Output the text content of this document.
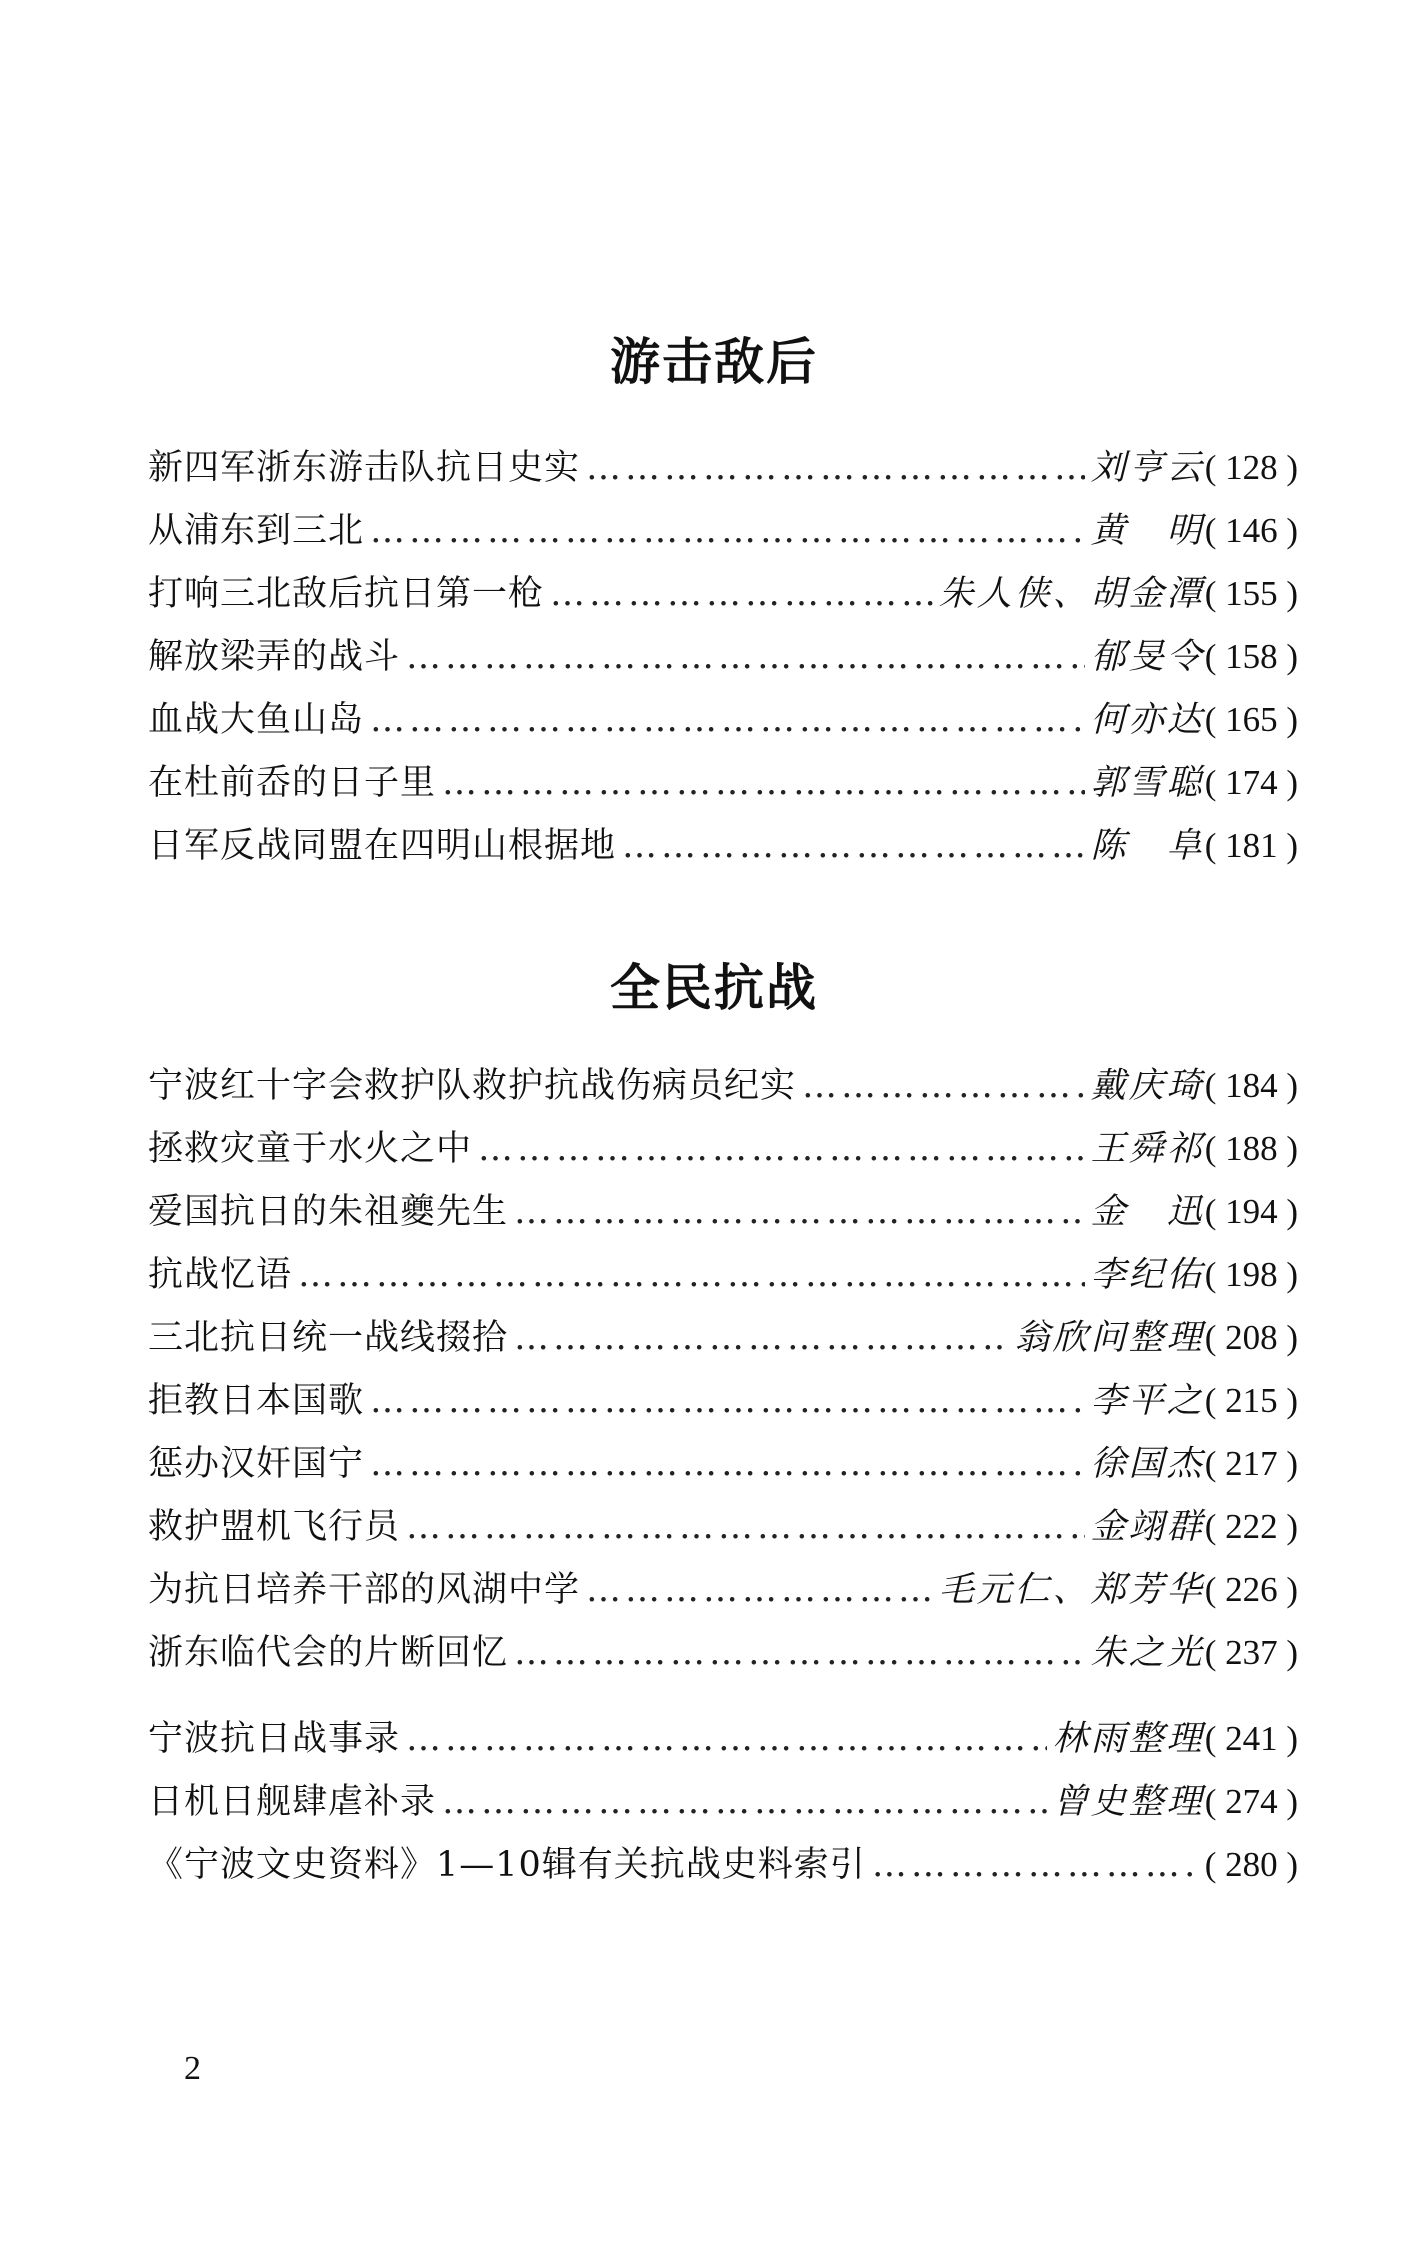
游击敌后
新四军浙东游击队抗日史实 ……………………………………………………………………………………………………………………………………	刘亨云 ( 128 )
从浦东到三北 ……………………………………………………………………………………………………………………………………	黄　明 ( 146 )
打响三北敌后抗日第一枪 ……………………………………………………………………………………………………………………………………	朱人侠、胡金潭 ( 155 )
解放梁弄的战斗 ……………………………………………………………………………………………………………………………………	郁旻令 ( 158 )
血战大鱼山岛 ……………………………………………………………………………………………………………………………………	何亦达 ( 165 )
在杜前岙的日子里 ……………………………………………………………………………………………………………………………………	郭雪聪 ( 174 )
日军反战同盟在四明山根据地 ……………………………………………………………………………………………………………………………………	陈　阜 ( 181 )
全民抗战
宁波红十字会救护队救护抗战伤病员纪实 ……………………………………………………………………………………………………………………………………	戴庆琦 ( 184 )
拯救灾童于水火之中 ……………………………………………………………………………………………………………………………………	王舜祁 ( 188 )
爱国抗日的朱祖夔先生 ……………………………………………………………………………………………………………………………………	金　迅 ( 194 )
抗战忆语 ……………………………………………………………………………………………………………………………………	李纪佑 ( 198 )
三北抗日统一战线掇拾 ……………………………………………………………………………………………………………………………………	翁欣问整理 ( 208 )
拒教日本国歌 ……………………………………………………………………………………………………………………………………	李平之 ( 215 )
惩办汉奸国宁 ……………………………………………………………………………………………………………………………………	徐国杰 ( 217 )
救护盟机飞行员 ……………………………………………………………………………………………………………………………………	金翊群 ( 222 )
为抗日培养干部的风湖中学 ……………………………………………………………………………………………………………………………………	毛元仁、郑芳华 ( 226 )
浙东临代会的片断回忆 ……………………………………………………………………………………………………………………………………	朱之光 ( 237 )
宁波抗日战事录 ……………………………………………………………………………………………………………………………………	林雨整理 ( 241 )
日机日舰肆虐补录 ……………………………………………………………………………………………………………………………………	曾史整理 ( 274 )
《宁波文史资料》1—10辑有关抗战史料索引 ……………………………………………………………………………………………………………………………………	( 280 )

2
